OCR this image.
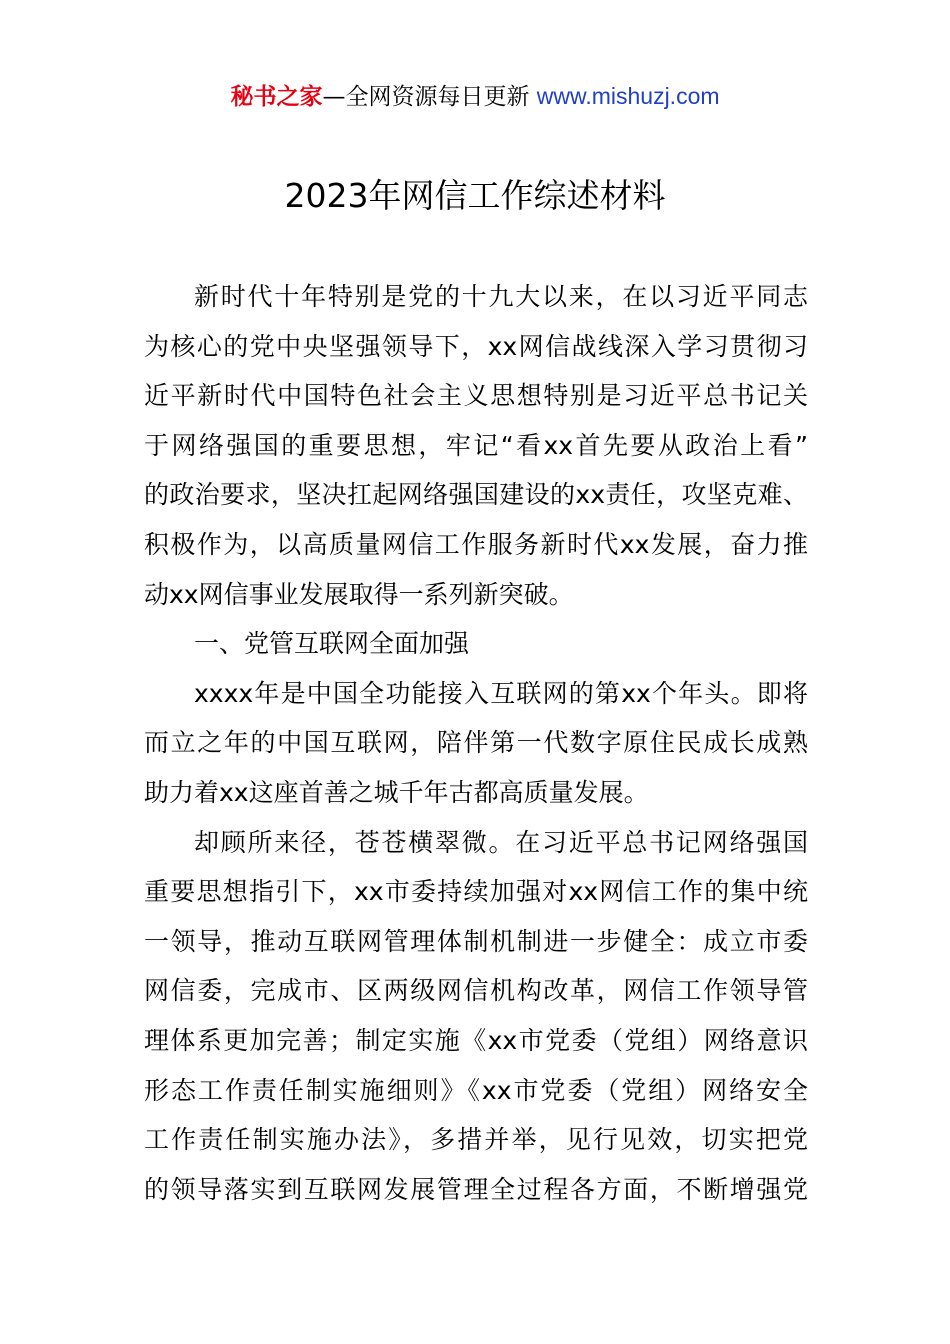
秘书之家—全网资源每日更新 www.mishuzj.com
2023年网信工作综述材料
新时代十年特别是党的十九大以来，在以习近平同志
为核心的党中央坚强领导下，xx网信战线深入学习贯彻习
近平新时代中国特色社会主义思想特别是习近平总书记关
于网络强国的重要思想，牢记“看xx首先要从政治上看”
的政治要求，坚决扛起网络强国建设的xx责任，攻坚克难、
积极作为，以高质量网信工作服务新时代xx发展，奋力推
动xx网信事业发展取得一系列新突破。
一、党管互联网全面加强
xxxx年是中国全功能接入互联网的第xx个年头。即将
而立之年的中国互联网，陪伴第一代数字原住民成长成熟
助力着xx这座首善之城千年古都高质量发展。
却顾所来径，苍苍横翠微。在习近平总书记网络强国
重要思想指引下，xx市委持续加强对xx网信工作的集中统
一领导，推动互联网管理体制机制进一步健全：成立市委
网信委，完成市、区两级网信机构改革，网信工作领导管
理体系更加完善；制定实施《xx市党委（党组）网络意识
形态工作责任制实施细则》《xx市党委（党组）网络安全
工作责任制实施办法》，多措并举，见行见效，切实把党
的领导落实到互联网发展管理全过程各方面，不断增强党
